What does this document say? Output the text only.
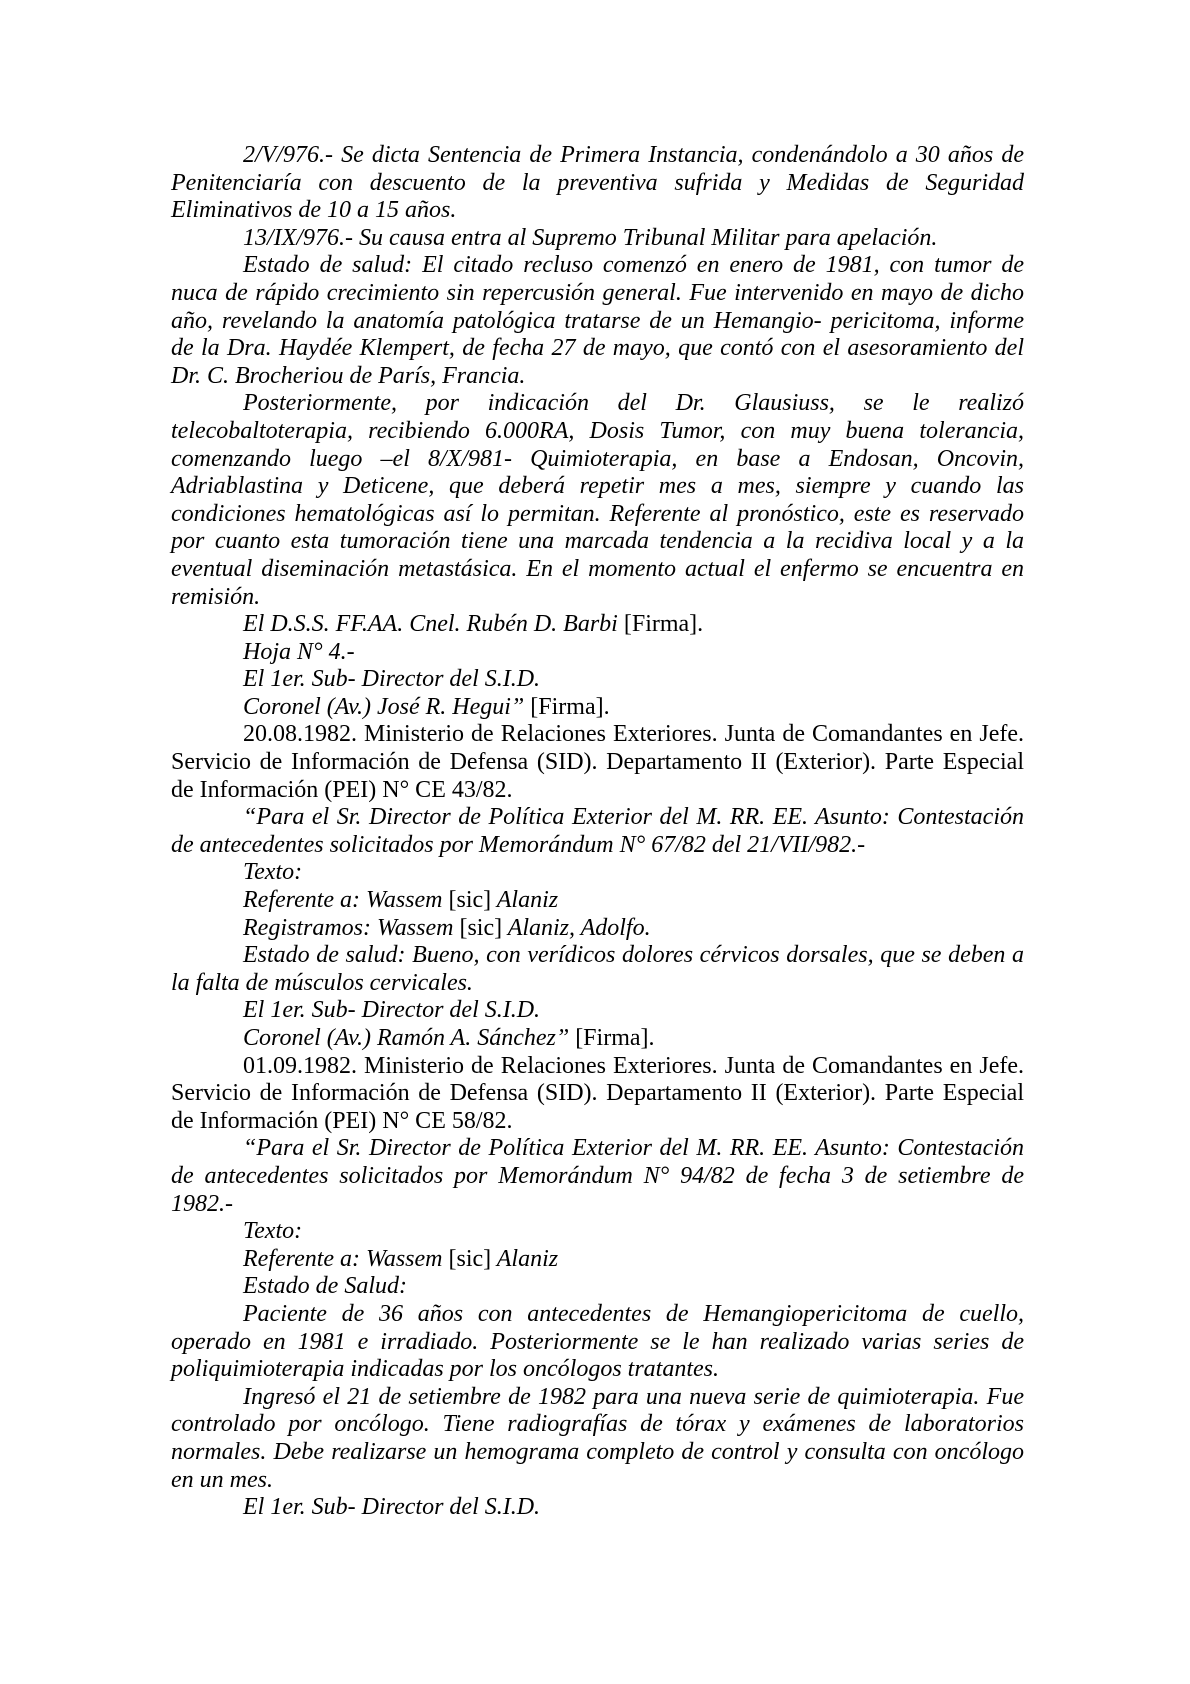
2/V/976.- Se dicta Sentencia de Primera Instancia, condenándolo a 30 años de
Penitenciaría con descuento de la preventiva sufrida y Medidas de Seguridad
Eliminativos de 10 a 15 años.
13/IX/976.- Su causa entra al Supremo Tribunal Militar para apelación.
Estado de salud: El citado recluso comenzó en enero de 1981, con tumor de
nuca de rápido crecimiento sin repercusión general. Fue intervenido en mayo de dicho
año, revelando la anatomía patológica tratarse de un Hemangio- pericitoma, informe
de la Dra. Haydée Klempert, de fecha 27 de mayo, que contó con el asesoramiento del
Dr. C. Brocheriou de París, Francia.
Posteriormente, por indicación del Dr. Glausiuss, se le realizó
telecobaltoterapia, recibiendo 6.000RA, Dosis Tumor, con muy buena tolerancia,
comenzando luego –el 8/X/981- Quimioterapia, en base a Endosan, Oncovin,
Adriablastina y Deticene, que deberá repetir mes a mes, siempre y cuando las
condiciones hematológicas así lo permitan. Referente al pronóstico, este es reservado
por cuanto esta tumoración tiene una marcada tendencia a la recidiva local y a la
eventual diseminación metastásica. En el momento actual el enfermo se encuentra en
remisión.
El D.S.S. FF.AA. Cnel. Rubén D. Barbi [Firma].
Hoja N° 4.-
El 1er. Sub- Director del S.I.D.
Coronel (Av.) José R. Hegui” [Firma].
20.08.1982. Ministerio de Relaciones Exteriores. Junta de Comandantes en Jefe.
Servicio de Información de Defensa (SID). Departamento II (Exterior). Parte Especial
de Información (PEI) N° CE 43/82.
“Para el Sr. Director de Política Exterior del M. RR. EE. Asunto: Contestación
de antecedentes solicitados por Memorándum N° 67/82 del 21/VII/982.-
Texto:
Referente a: Wassem [sic] Alaniz
Registramos: Wassem [sic] Alaniz, Adolfo.
Estado de salud: Bueno, con verídicos dolores cérvicos dorsales, que se deben a
la falta de músculos cervicales.
El 1er. Sub- Director del S.I.D.
Coronel (Av.) Ramón A. Sánchez” [Firma].
01.09.1982. Ministerio de Relaciones Exteriores. Junta de Comandantes en Jefe.
Servicio de Información de Defensa (SID). Departamento II (Exterior). Parte Especial
de Información (PEI) N° CE 58/82.
“Para el Sr. Director de Política Exterior del M. RR. EE. Asunto: Contestación
de antecedentes solicitados por Memorándum N° 94/82 de fecha 3 de setiembre de
1982.-
Texto:
Referente a: Wassem [sic] Alaniz
Estado de Salud:
Paciente de 36 años con antecedentes de Hemangiopericitoma de cuello,
operado en 1981 e irradiado. Posteriormente se le han realizado varias series de
poliquimioterapia indicadas por los oncólogos tratantes.
Ingresó el 21 de setiembre de 1982 para una nueva serie de quimioterapia. Fue
controlado por oncólogo. Tiene radiografías de tórax y exámenes de laboratorios
normales. Debe realizarse un hemograma completo de control y consulta con oncólogo
en un mes.
El 1er. Sub- Director del S.I.D.
